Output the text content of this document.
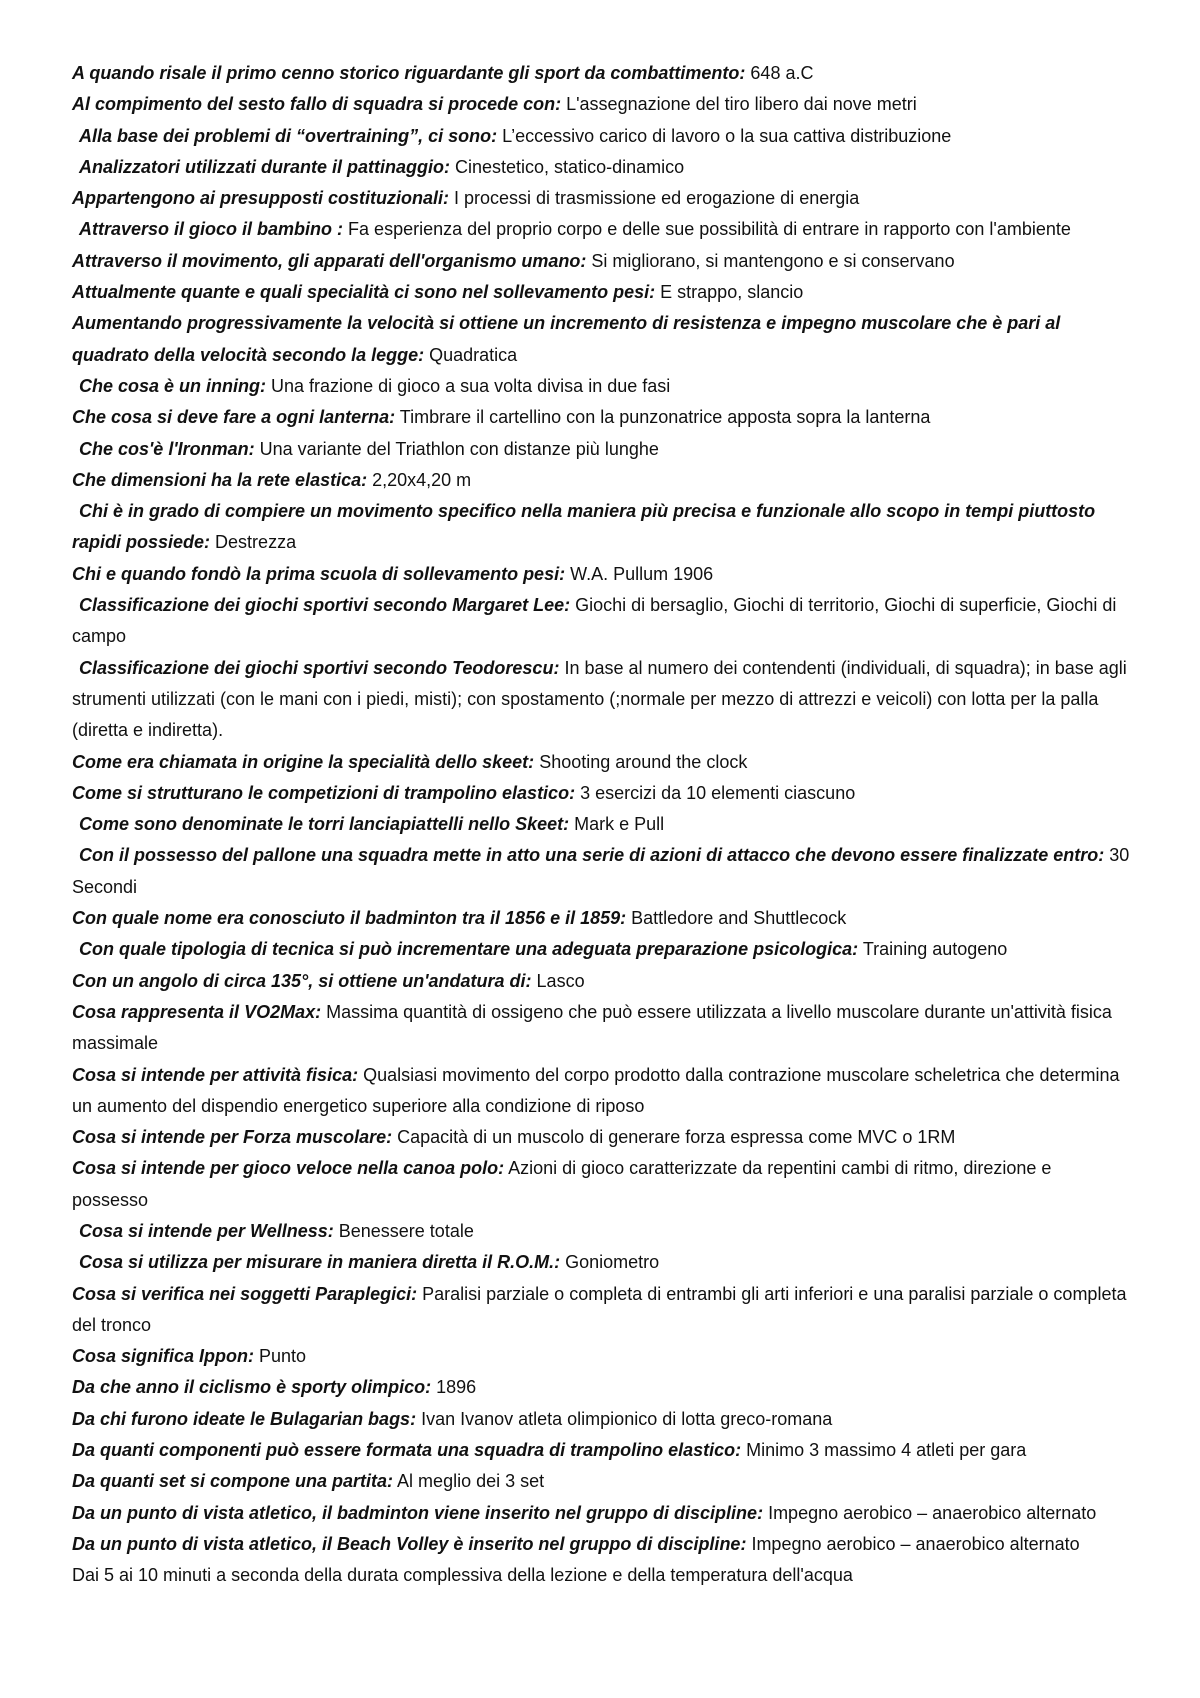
A quando risale il primo cenno storico riguardante gli sport da combattimento: 648 a.C

Al compimento del sesto fallo di squadra si procede con: L'assegnazione del tiro libero dai nove metri

Alla base dei problemi di “overtraining”, ci sono: L’eccessivo carico di lavoro o la sua cattiva distribuzione

Analizzatori utilizzati durante il pattinaggio: Cinestetico, statico-dinamico

Appartengono ai presupposti costituzionali: I processi di trasmissione ed erogazione di energia

Attraverso il gioco il bambino : Fa esperienza del proprio corpo e delle sue possibilità di entrare in rapporto con l'ambiente

Attraverso il movimento, gli apparati dell'organismo umano: Si migliorano, si mantengono e si conservano

Attualmente quante e quali specialità ci sono nel sollevamento pesi: E strappo, slancio

Aumentando progressivamente la velocità si ottiene un incremento di resistenza e impegno muscolare che è pari al quadrato della velocità secondo la legge: Quadratica

Che cosa è un inning: Una frazione di gioco a sua volta divisa in due fasi

Che cosa si deve fare a ogni lanterna: Timbrare il cartellino con la punzonatrice apposta sopra la lanterna

Che cos'è l'Ironman: Una variante del Triathlon con distanze più lunghe

Che dimensioni ha la rete elastica: 2,20x4,20 m

Chi è in grado di compiere un movimento specifico nella maniera più precisa e funzionale allo scopo in tempi piuttosto rapidi possiede: Destrezza

Chi e quando fondò la prima scuola di sollevamento pesi: W.A. Pullum 1906

Classificazione dei giochi sportivi secondo Margaret Lee: Giochi di bersaglio, Giochi di territorio, Giochi di superficie, Giochi di campo

Classificazione dei giochi sportivi secondo Teodorescu: In base al numero dei contendenti (individuali, di squadra); in base agli strumenti utilizzati (con le mani con i piedi, misti); con spostamento (;normale per mezzo di attrezzi e veicoli) con lotta per la palla (diretta e indiretta).

Come era chiamata in origine la specialità dello skeet: Shooting around the clock

Come si strutturano le competizioni di trampolino elastico: 3 esercizi da 10 elementi ciascuno

Come sono denominate le torri lanciapiattelli nello Skeet: Mark e Pull

Con il possesso del pallone una squadra mette in atto una serie di azioni di attacco che devono essere finalizzate entro: 30 Secondi

Con quale nome era conosciuto il badminton tra il 1856 e il 1859: Battledore and Shuttlecock

Con quale tipologia di tecnica si può incrementare una adeguata preparazione psicologica: Training autogeno

Con un angolo di circa 135°, si ottiene un'andatura di: Lasco

Cosa rappresenta il VO2Max: Massima quantità di ossigeno che può essere utilizzata a livello muscolare durante un'attività fisica massimale

Cosa si intende per attività fisica: Qualsiasi movimento del corpo prodotto dalla contrazione muscolare scheletrica che determina un aumento del dispendio energetico superiore alla condizione di riposo

Cosa si intende per Forza muscolare: Capacità di un muscolo di generare forza espressa come MVC o 1RM

Cosa si intende per gioco veloce nella canoa polo: Azioni di gioco caratterizzate da repentini cambi di ritmo, direzione e possesso

Cosa si intende per Wellness: Benessere totale

Cosa si utilizza per misurare in maniera diretta il R.O.M.: Goniometro

Cosa si verifica nei soggetti Paraplegici: Paralisi parziale o completa di entrambi gli arti inferiori e una paralisi parziale o completa del tronco

Cosa significa Ippon: Punto

Da che anno il ciclismo è sporty olimpico: 1896

Da chi furono ideate le Bulagarian bags: Ivan Ivanov atleta olimpionico di lotta greco-romana

Da quanti componenti può essere formata una squadra di trampolino elastico: Minimo 3 massimo 4 atleti per gara

Da quanti set si compone una partita: Al meglio dei 3 set

Da un punto di vista atletico, il badminton viene inserito nel gruppo di discipline: Impegno aerobico – anaerobico alternato

Da un punto di vista atletico, il Beach Volley è inserito nel gruppo di discipline: Impegno aerobico – anaerobico alternato

Dai 5 ai 10 minuti a seconda della durata complessiva della lezione e della temperatura dell'acqua
